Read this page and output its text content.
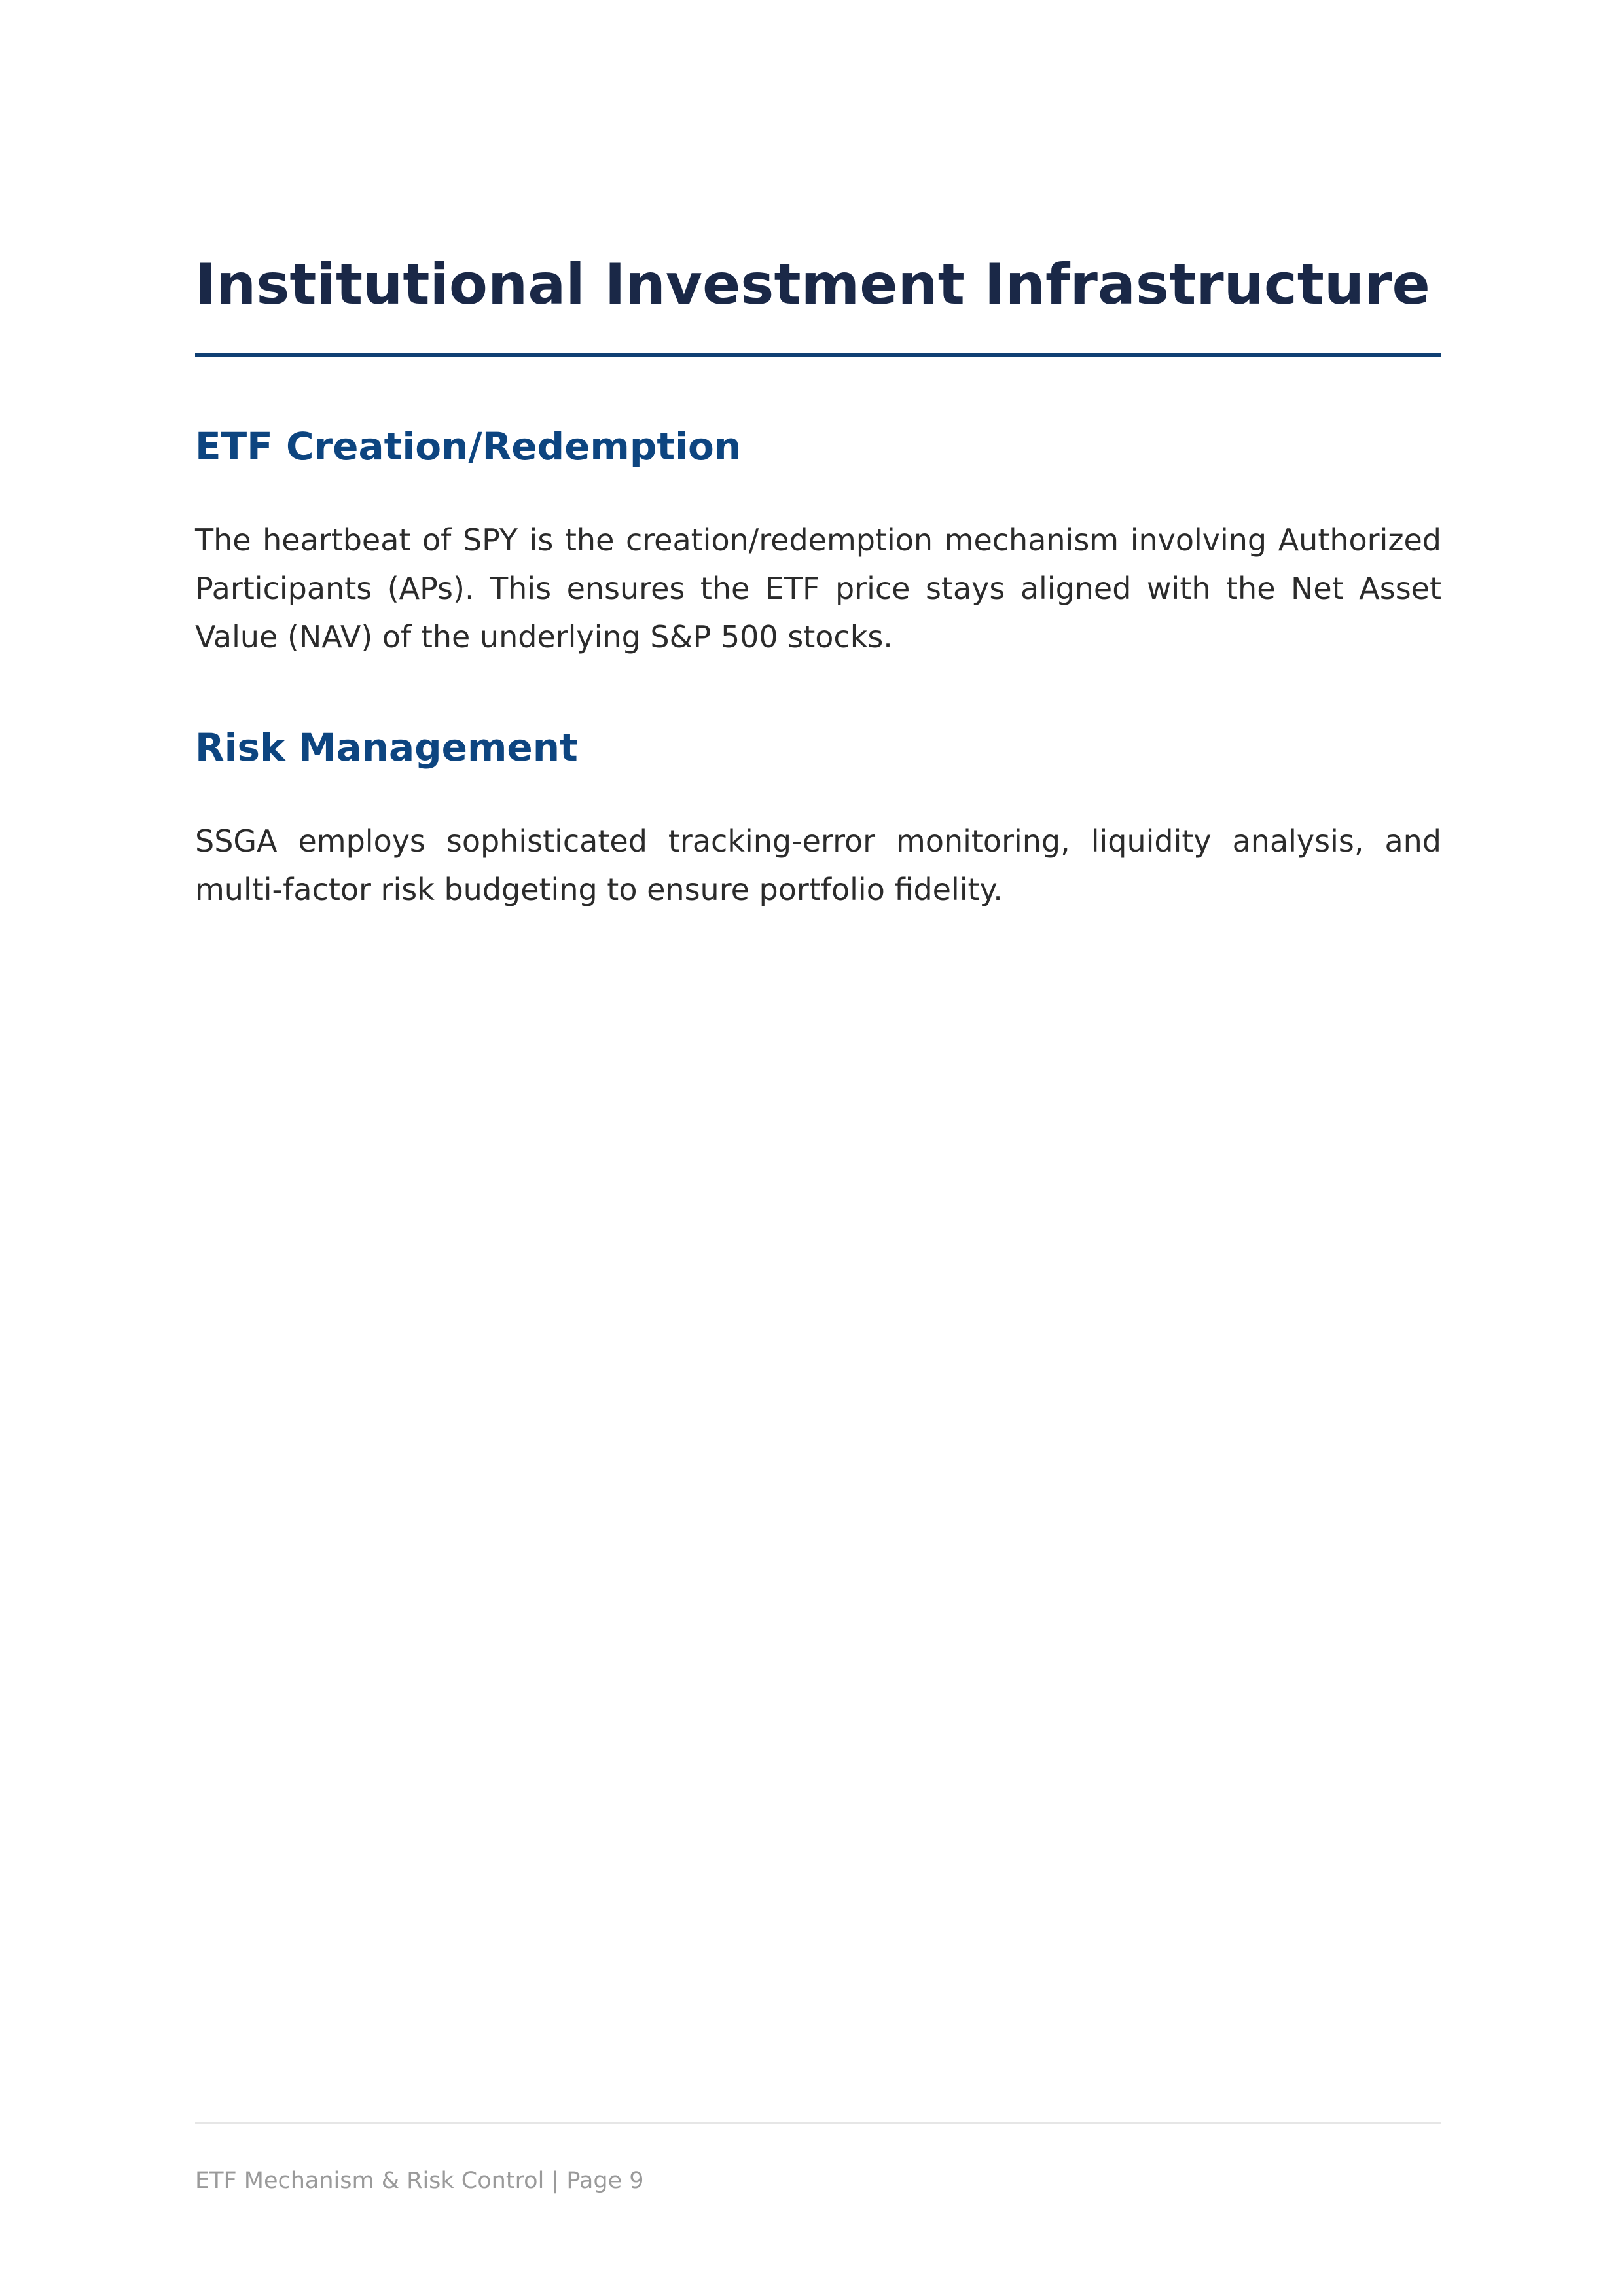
Institutional Investment Infrastructure
ETF Creation/Redemption

The heartbeat of SPY is the creation/redemption mechanism involving Authorized Participants (APs). This ensures the ETF price stays aligned with the Net Asset Value (NAV) of the underlying S&P 500 stocks.

Risk Management

SSGA employs sophisticated tracking-error monitoring, liquidity analysis, and multi-factor risk budgeting to ensure portfolio fidelity.

ETF Mechanism & Risk Control | Page 9
